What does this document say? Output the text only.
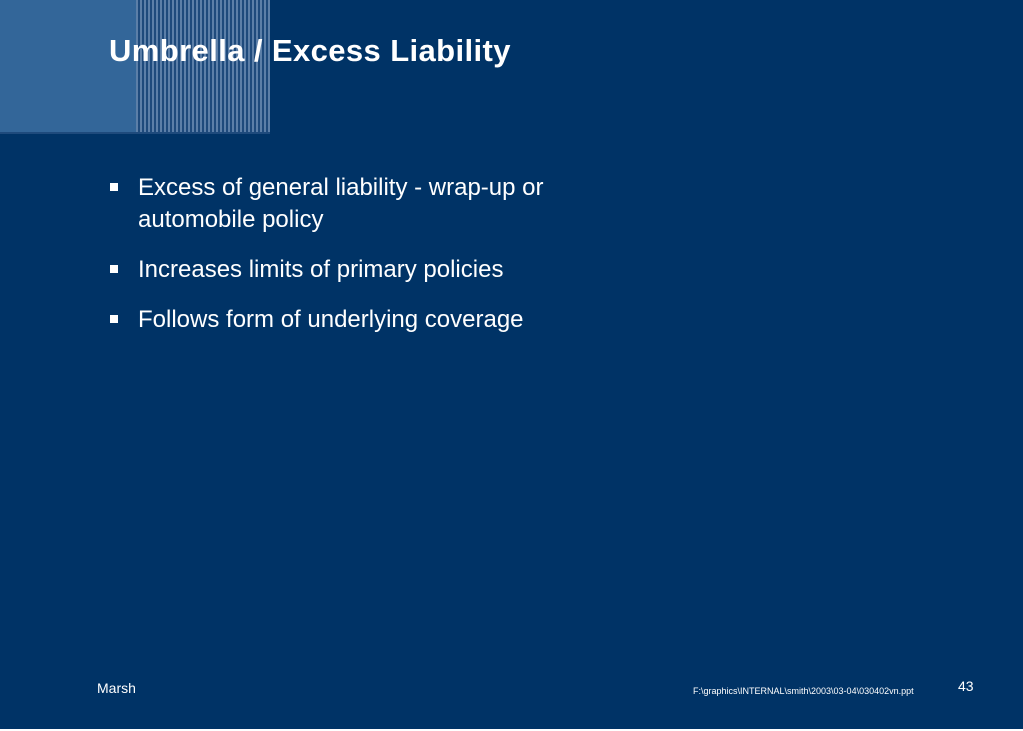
Umbrella / Excess Liability
Excess of general liability - wrap-up or automobile policy
Increases limits of primary policies
Follows form of underlying coverage
Marsh	F:\graphics\INTERNAL\smith\2003\03-04\030402vn.ppt	43
